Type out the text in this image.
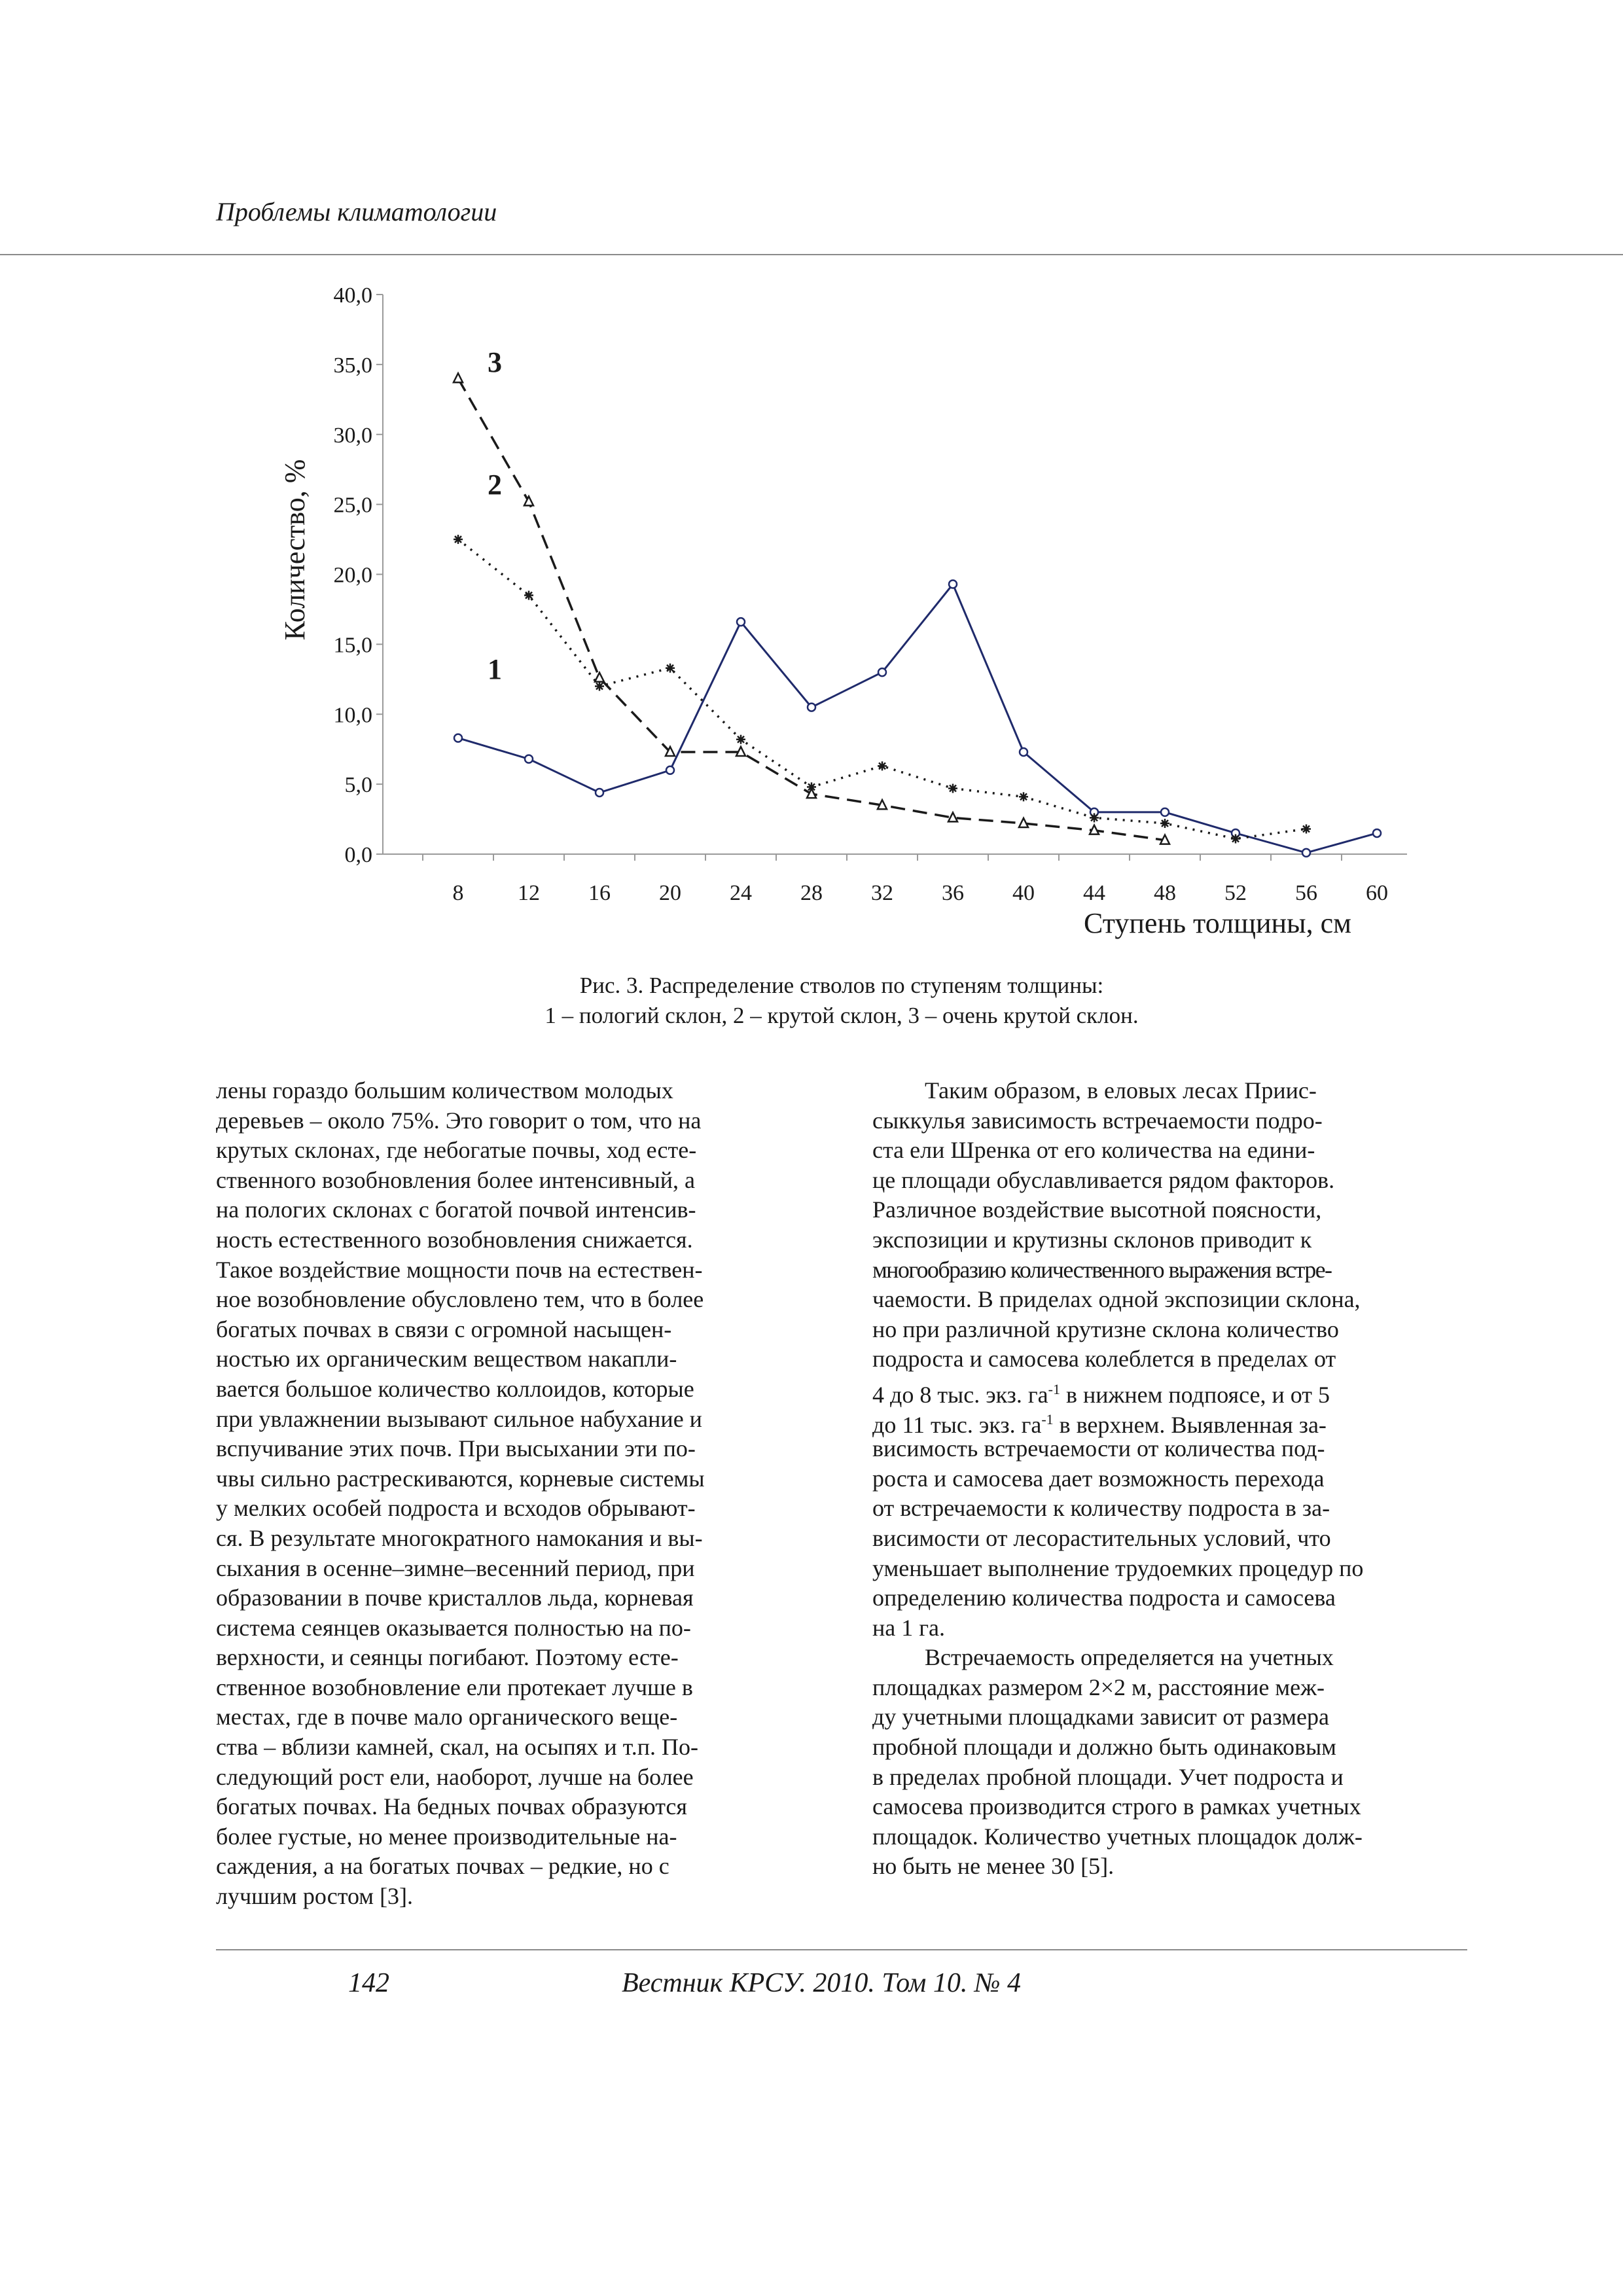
Проблемы климатологии
0,0
5,0
10,0
15,0
20,0
25,0
30,0
35,0
40,0
8 12 16 20 24 28 32 36 40 44 48 52 56 60
Ступень толщины, см
Количество, %
1
2
3
Рис. 3. Распределение стволов по ступеням толщины:
1 – пологий склон, 2 – крутой склон, 3 – очень крутой склон.
лены гораздо большим количеством молодых
деревьев – около 75%. Это говорит о том, что на
крутых склонах, где небогатые почвы, ход есте-
ственного возобновления более интенсивный, а
на пологих склонах с богатой почвой интенсив-
ность естественного возобновления снижается.
Такое воздействие мощности почв на естествен-
ное возобновление обусловлено тем, что в более
богатых почвах в связи с огромной насыщен-
ностью их органическим веществом накапли-
вается большое количество коллоидов, которые
при увлажнении вызывают сильное набухание и
вспучивание этих почв. При высыхании эти по-
чвы сильно растрескиваются, корневые системы
у мелких особей подроста и всходов обрывают-
ся. В результате многократного намокания и вы-
сыхания в осенне–зимне–весенний период, при
образовании в почве кристаллов льда, корневая
система сеянцев оказывается полностью на по-
верхности, и сеянцы погибают. Поэтому есте-
ственное возобновление ели протекает лучше в
местах, где в почве мало органического веще-
ства – вблизи камней, скал, на осыпях и т.п. По-
следующий рост ели, наоборот, лучше на более
богатых почвах. На бедных почвах образуются
более густые, но менее производительные на-
саждения, а на богатых почвах – редкие, но с
лучшим ростом [3].
Таким образом, в еловых лесах Прииc-
сыккулья зависимость встречаемости подро-
ста ели Шренка от его количества на едини-
це площади обуславливается рядом факторов.
Различное воздействие высотной поясности,
экспозиции и крутизны склонов приводит к
многообразию количественного выражения встре-
чаемости. В приделах одной экспозиции склона,
но при различной крутизне склона количество
подроста и самосева колеблется в пределах от
4 до 8 тыс. экз. $га^{-1}$ в нижнем подпоясе, и от 5
до 11 тыс. экз. $га^{-1}$ в верхнем. Выявленная за-
висимость встречаемости от количества под-
роста и самосева дает возможность перехода
от встречаемости к количеству подроста в за-
висимости от лесорастительных условий, что
уменьшает выполнение трудоемких процедур по
определению количества подроста и самосева
на 1 га.
Встречаемость определяется на учетных
площадках размером 2×2 м, расстояние меж-
ду учетными площадками зависит от размера
пробной площади и должно быть одинаковым
в пределах пробной площади. Учет подроста и
самосева производится строго в рамках учетных
площадок. Количество учетных площадок долж-
но быть не менее 30 [5].
142	Вестник КРСУ. 2010. Том 10. № 4
